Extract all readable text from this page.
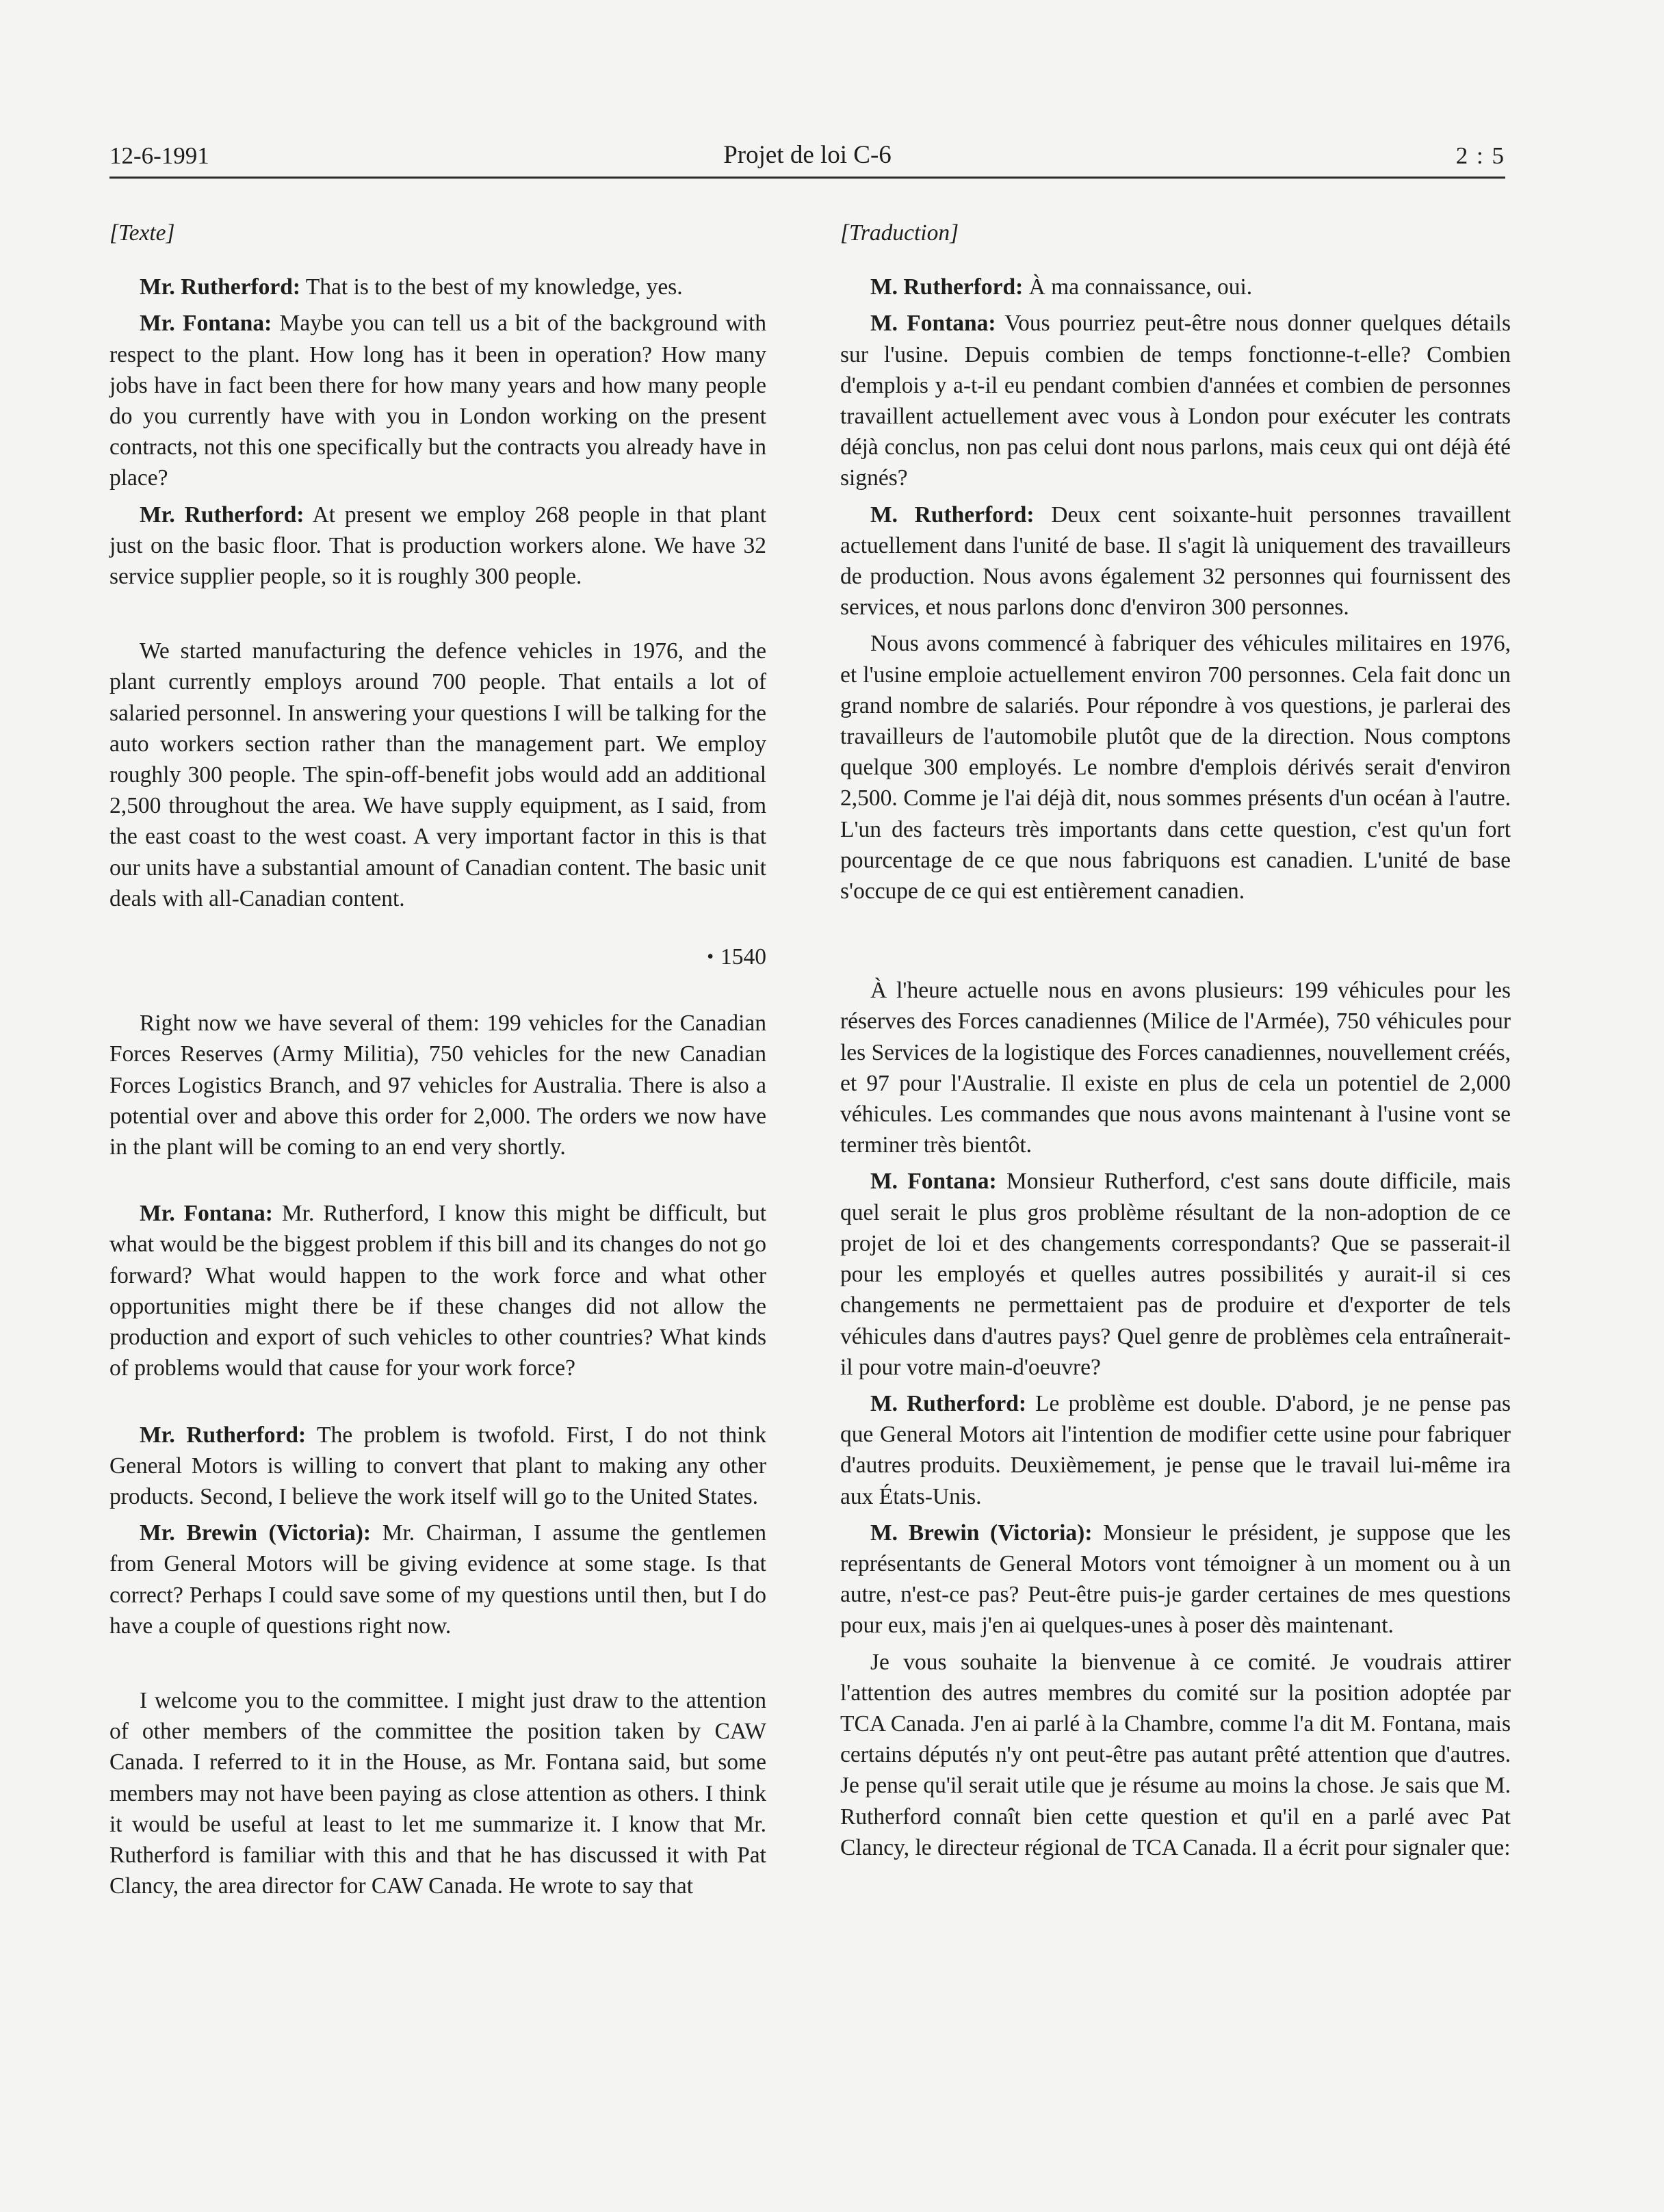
12-6-1991	Projet de loi C-6	2 : 5
[Texte]

Mr. Rutherford: That is to the best of my knowledge, yes.

Mr. Fontana: Maybe you can tell us a bit of the background with respect to the plant. How long has it been in operation? How many jobs have in fact been there for how many years and how many people do you currently have with you in London working on the present contracts, not this one specifically but the contracts you already have in place?

Mr. Rutherford: At present we employ 268 people in that plant just on the basic floor. That is production workers alone. We have 32 service supplier people, so it is roughly 300 people.

We started manufacturing the defence vehicles in 1976, and the plant currently employs around 700 people. That entails a lot of salaried personnel. In answering your questions I will be talking for the auto workers section rather than the management part. We employ roughly 300 people. The spin-off-benefit jobs would add an additional 2,500 throughout the area. We have supply equipment, as I said, from the east coast to the west coast. A very important factor in this is that our units have a substantial amount of Canadian content. The basic unit deals with all-Canadian content.

• 1540

Right now we have several of them: 199 vehicles for the Canadian Forces Reserves (Army Militia), 750 vehicles for the new Canadian Forces Logistics Branch, and 97 vehicles for Australia. There is also a potential over and above this order for 2,000. The orders we now have in the plant will be coming to an end very shortly.

Mr. Fontana: Mr. Rutherford, I know this might be difficult, but what would be the biggest problem if this bill and its changes do not go forward? What would happen to the work force and what other opportunities might there be if these changes did not allow the production and export of such vehicles to other countries? What kinds of problems would that cause for your work force?

Mr. Rutherford: The problem is twofold. First, I do not think General Motors is willing to convert that plant to making any other products. Second, I believe the work itself will go to the United States.

Mr. Brewin (Victoria): Mr. Chairman, I assume the gentlemen from General Motors will be giving evidence at some stage. Is that correct? Perhaps I could save some of my questions until then, but I do have a couple of questions right now.

I welcome you to the committee. I might just draw to the attention of other members of the committee the position taken by CAW Canada. I referred to it in the House, as Mr. Fontana said, but some members may not have been paying as close attention as others. I think it would be useful at least to let me summarize it. I know that Mr. Rutherford is familiar with this and that he has discussed it with Pat Clancy, the area director for CAW Canada. He wrote to say that

[Traduction]

M. Rutherford: À ma connaissance, oui.

M. Fontana: Vous pourriez peut-être nous donner quelques détails sur l'usine. Depuis combien de temps fonctionne-t-elle? Combien d'emplois y a-t-il eu pendant combien d'années et combien de personnes travaillent actuellement avec vous à London pour exécuter les contrats déjà conclus, non pas celui dont nous parlons, mais ceux qui ont déjà été signés?

M. Rutherford: Deux cent soixante-huit personnes travaillent actuellement dans l'unité de base. Il s'agit là uniquement des travailleurs de production. Nous avons également 32 personnes qui fournissent des services, et nous parlons donc d'environ 300 personnes.

Nous avons commencé à fabriquer des véhicules militaires en 1976, et l'usine emploie actuellement environ 700 personnes. Cela fait donc un grand nombre de salariés. Pour répondre à vos questions, je parlerai des travailleurs de l'automobile plutôt que de la direction. Nous comptons quelque 300 employés. Le nombre d'emplois dérivés serait d'environ 2,500. Comme je l'ai déjà dit, nous sommes présents d'un océan à l'autre. L'un des facteurs très importants dans cette question, c'est qu'un fort pourcentage de ce que nous fabriquons est canadien. L'unité de base s'occupe de ce qui est entièrement canadien.

À l'heure actuelle nous en avons plusieurs: 199 véhicules pour les réserves des Forces canadiennes (Milice de l'Armée), 750 véhicules pour les Services de la logistique des Forces canadiennes, nouvellement créés, et 97 pour l'Australie. Il existe en plus de cela un potentiel de 2,000 véhicules. Les commandes que nous avons maintenant à l'usine vont se terminer très bientôt.

M. Fontana: Monsieur Rutherford, c'est sans doute difficile, mais quel serait le plus gros problème résultant de la non-adoption de ce projet de loi et des changements correspondants? Que se passerait-il pour les employés et quelles autres possibilités y aurait-il si ces changements ne permettaient pas de produire et d'exporter de tels véhicules dans d'autres pays? Quel genre de problèmes cela entraînerait-il pour votre main-d'oeuvre?

M. Rutherford: Le problème est double. D'abord, je ne pense pas que General Motors ait l'intention de modifier cette usine pour fabriquer d'autres produits. Deuxièmement, je pense que le travail lui-même ira aux États-Unis.

M. Brewin (Victoria): Monsieur le président, je suppose que les représentants de General Motors vont témoigner à un moment ou à un autre, n'est-ce pas? Peut-être puis-je garder certaines de mes questions pour eux, mais j'en ai quelques-unes à poser dès maintenant.

Je vous souhaite la bienvenue à ce comité. Je voudrais attirer l'attention des autres membres du comité sur la position adoptée par TCA Canada. J'en ai parlé à la Chambre, comme l'a dit M. Fontana, mais certains députés n'y ont peut-être pas autant prêté attention que d'autres. Je pense qu'il serait utile que je résume au moins la chose. Je sais que M. Rutherford connaît bien cette question et qu'il en a parlé avec Pat Clancy, le directeur régional de TCA Canada. Il a écrit pour signaler que:
